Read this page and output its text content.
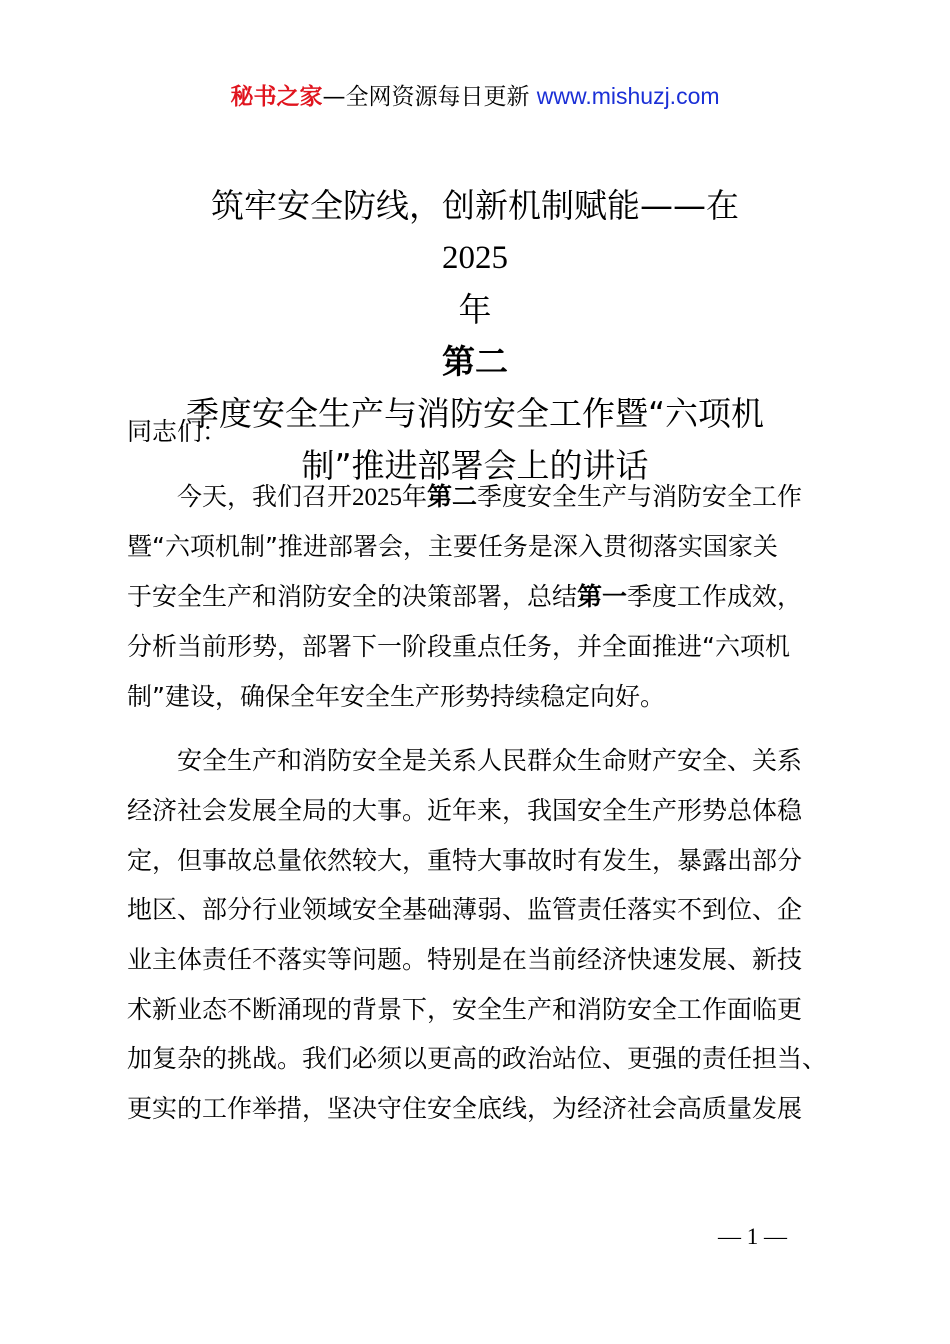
秘书之家—全网资源每日更新 www.mishuzj.com
筑牢安全防线，创新机制赋能——在
2025
年
第二
季度安全生产与消防安全工作暨“六项机
制”推进部署会上的讲话

同志们：

今天，我们召开2025年第二季度安全生产与消防安全工作
暨“六项机制”推进部署会，主要任务是深入贯彻落实国家关
于安全生产和消防安全的决策部署，总结第一季度工作成效，
分析当前形势，部署下一阶段重点任务，并全面推进“六项机
制”建设，确保全年安全生产形势持续稳定向好。

安全生产和消防安全是关系人民群众生命财产安全、关系
经济社会发展全局的大事。近年来，我国安全生产形势总体稳
定，但事故总量依然较大，重特大事故时有发生，暴露出部分
地区、部分行业领域安全基础薄弱、监管责任落实不到位、企
业主体责任不落实等问题。特别是在当前经济快速发展、新技
术新业态不断涌现的背景下，安全生产和消防安全工作面临更
加复杂的挑战。我们必须以更高的政治站位、更强的责任担当、
更实的工作举措，坚决守住安全底线，为经济社会高质量发展

— 1 —
